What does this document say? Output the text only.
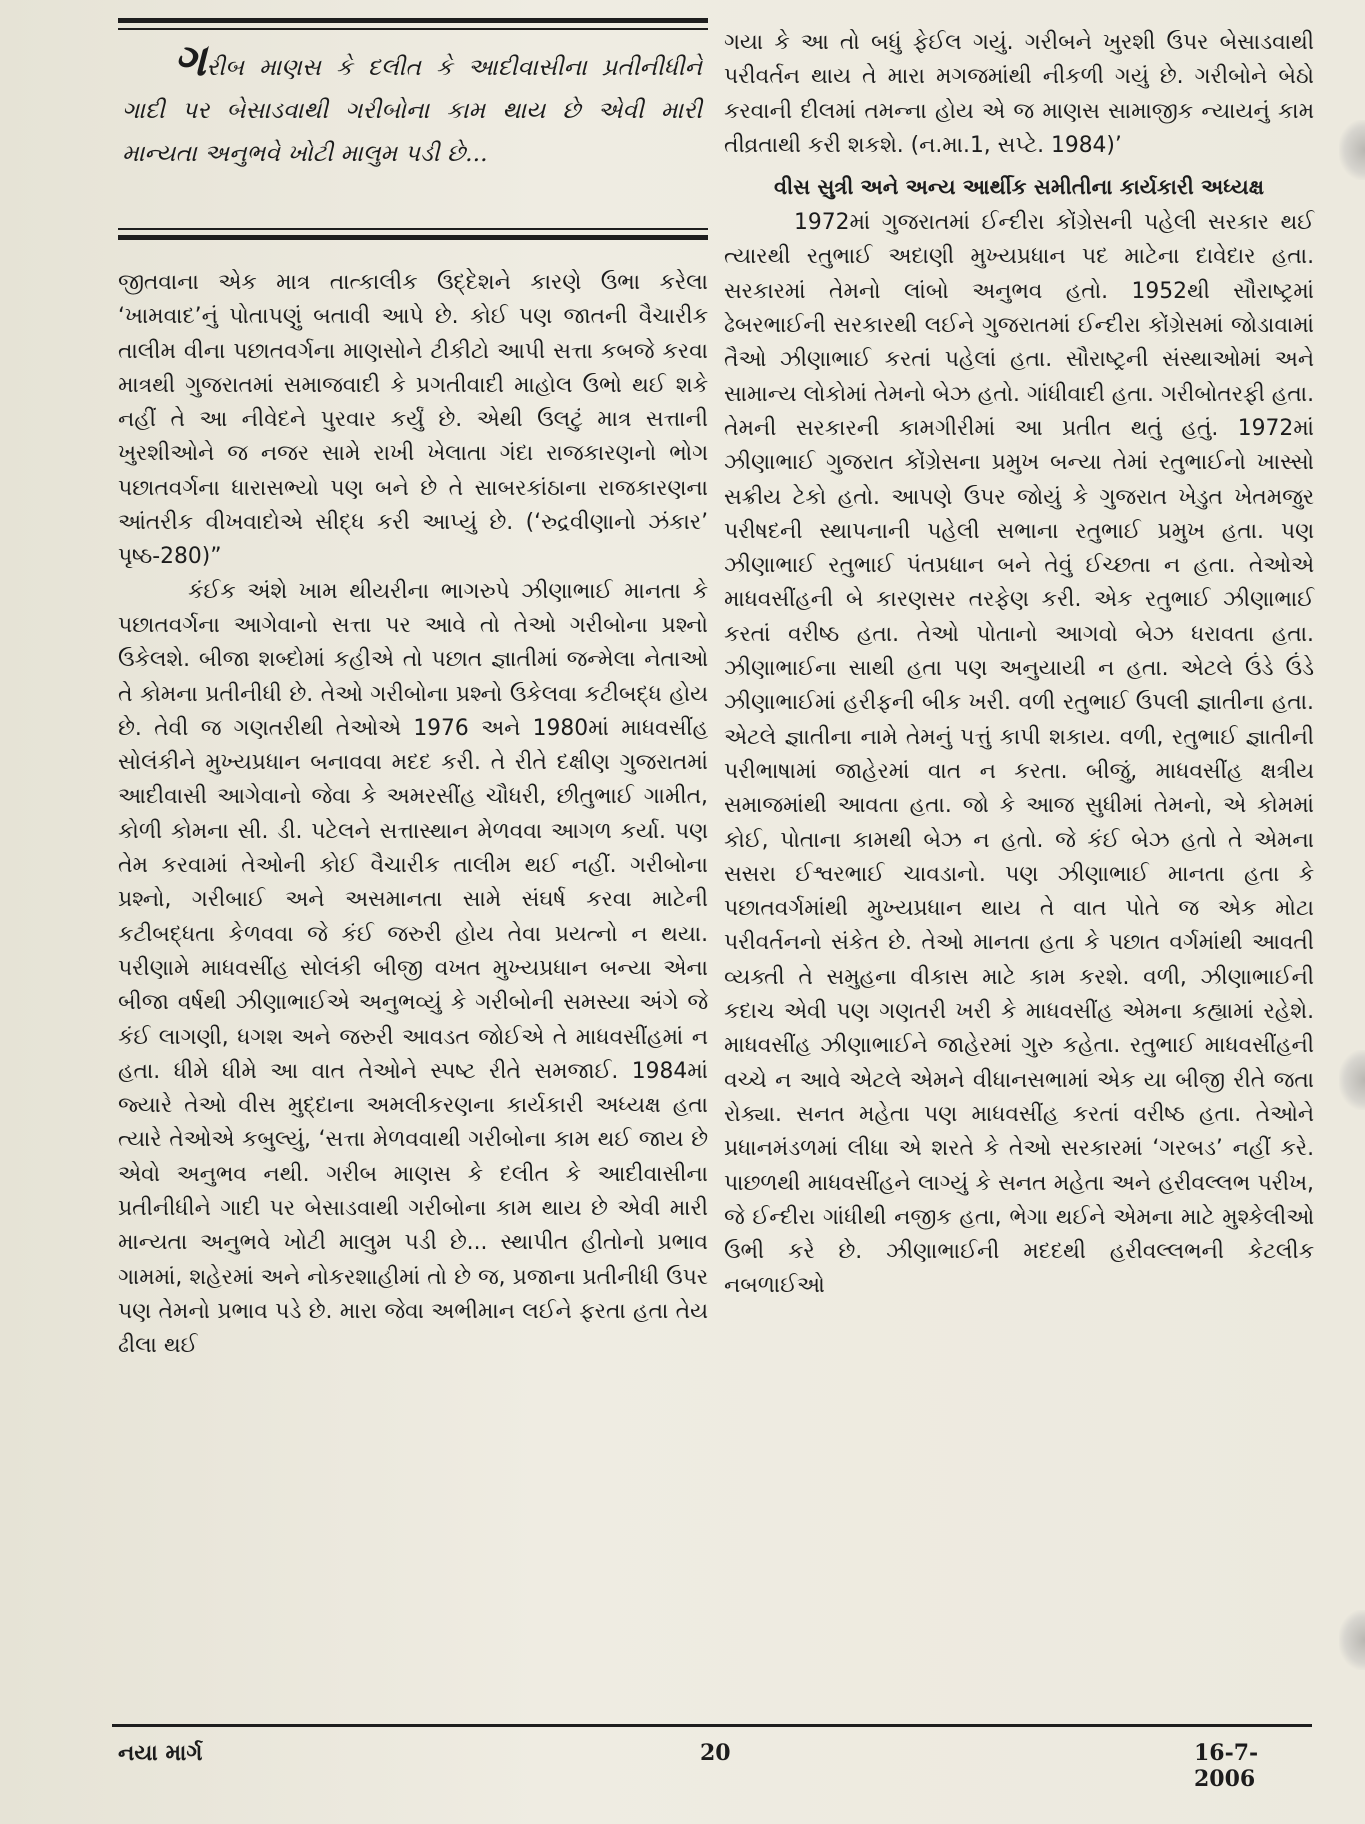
ગરીબ માણસ કે દલીત કે આદીવાસીના પ્રતીનીધીને ગાદી પર બેસાડવાથી ગરીબોના કામ થાય છે એવી મારી માન્યતા અનુભવે ખોટી માલુમ પડી છે...

જીતવાના એક માત્ર તાત્કાલીક ઉદ્દેશને કારણે ઉભા કરેલા ‘ખામવાદ’નું પોતાપણું બતાવી આપે છે. કોઈ પણ જાતની વૈચારીક તાલીમ વીના પછાતવર્ગના માણસોને ટીકીટો આપી સત્તા કબજે કરવા માત્રથી ગુજરાતમાં સમાજવાદી કે પ્રગતીવાદી માહોલ ઉભો થઈ શકે નહીં તે આ નીવેદને પુરવાર કર્યું છે. એથી ઉલટું માત્ર સત્તાની ખુરશીઓને જ નજર સામે રાખી ખેલાતા ગંદા રાજકારણનો ભોગ પછાતવર્ગના ધારાસભ્યો પણ બને છે તે સાબરકાંઠાના રાજકારણના આંતરીક વીખવાદોએ સીદ્ધ કરી આપ્યું છે. (‘રુદ્રવીણાનો ઝંકાર’ પૃષ્ઠ-280)”

કંઈક અંશે ખામ થીયરીના ભાગરુપે ઝીણાભાઈ માનતા કે પછાતવર્ગના આગેવાનો સત્તા પર આવે તો તેઓ ગરીબોના પ્રશ્નો ઉકેલશે. બીજા શબ્દોમાં કહીએ તો પછાત જ્ઞાતીમાં જન્મેલા નેતાઓ તે કોમના પ્રતીનીધી છે. તેઓ ગરીબોના પ્રશ્નો ઉકેલવા કટીબદ્ધ હોય છે. તેવી જ ગણતરીથી તેઓએ 1976 અને 1980માં માધવસીંહ સોલંકીને મુખ્યપ્રધાન બનાવવા મદદ કરી. તે રીતે દક્ષીણ ગુજરાતમાં આદીવાસી આગેવાનો જેવા કે અમરસીંહ ચૌધરી, છીતુભાઈ ગામીત, કોળી કોમના સી. ડી. પટેલને સત્તાસ્થાન મેળવવા આગળ કર્યા. પણ તેમ કરવામાં તેઓની કોઈ વૈચારીક તાલીમ થઈ નહીં. ગરીબોના પ્રશ્નો, ગરીબાઈ અને અસમાનતા સામે સંઘર્ષ કરવા માટેની કટીબદ્ધતા કેળવવા જે કંઈ જરુરી હોય તેવા પ્રયત્નો ન થયા. પરીણામે માધવસીંહ સોલંકી બીજી વખત મુખ્યપ્રધાન બન્યા એના બીજા વર્ષથી ઝીણાભાઈએ અનુભવ્યું કે ગરીબોની સમસ્યા અંગે જે કંઈ લાગણી, ધગશ અને જરુરી આવડત જોઈએ તે માધવસીંહમાં ન હતા. ધીમે ધીમે આ વાત તેઓને સ્પષ્ટ રીતે સમજાઈ. 1984માં જ્યારે તેઓ વીસ મુદ્દાના અમલીકરણના કાર્યકારી અધ્યક્ષ હતા ત્યારે તેઓએ કબુલ્યું, ‘સત્તા મેળવવાથી ગરીબોના કામ થઈ જાય છે એવો અનુભવ નથી. ગરીબ માણસ કે દલીત કે આદીવાસીના પ્રતીનીધીને ગાદી પર બેસાડવાથી ગરીબોના કામ થાય છે એવી મારી માન્યતા અનુભવે ખોટી માલુમ પડી છે... સ્થાપીત હીતોનો પ્રભાવ ગામમાં, શહેરમાં અને નોકરશાહીમાં તો છે જ, પ્રજાના પ્રતીનીધી ઉપર પણ તેમનો પ્રભાવ પડે છે. મારા જેવા અભીમાન લઈને ફરતા હતા તેય ઢીલા થઈ

ગયા કે આ તો બધું ફેઈલ ગયું. ગરીબને ખુરશી ઉપર બેસાડવાથી પરીવર્તન થાય તે મારા મગજમાંથી નીકળી ગયું છે. ગરીબોને બેઠો કરવાની દીલમાં તમન્ના હોય એ જ માણસ સામાજીક ન્યાયનું કામ તીવ્રતાથી કરી શકશે. (ન.મા.1, સપ્ટે. 1984)’

વીસ સુત્રી અને અન્ય આર્થીક સમીતીના કાર્યકારી અધ્યક્ષ

1972માં ગુજરાતમાં ઈન્દીરા કોંગ્રેસની પહેલી સરકાર થઈ ત્યારથી રતુભાઈ અદાણી મુખ્યપ્રધાન પદ માટેના દાવેદાર હતા. સરકારમાં તેમનો લાંબો અનુભવ હતો. 1952થી સૌરાષ્ટ્રમાં ઢેબરભાઈની સરકારથી લઈને ગુજરાતમાં ઈન્દીરા કોંગ્રેસમાં જોડાવામાં તૈઓ ઝીણાભાઈ કરતાં પહેલાં હતા. સૌરાષ્ટ્રની સંસ્થાઓમાં અને સામાન્ય લોકોમાં તેમનો બેઝ હતો. ગાંધીવાદી હતા. ગરીબોતરફી હતા. તેમની સરકારની કામગીરીમાં આ પ્રતીત થતું હતું. 1972માં ઝીણાભાઈ ગુજરાત કોંગ્રેસના પ્રમુખ બન્યા તેમાં રતુભાઈનો ખાસ્સો સક્રીય ટેકો હતો. આપણે ઉપર જોયું કે ગુજરાત ખેડુત ખેતમજુર પરીષદની સ્થાપનાની પહેલી સભાના રતુભાઈ પ્રમુખ હતા. પણ ઝીણાભાઈ રતુભાઈ પંતપ્રધાન બને તેવું ઈચ્છતા ન હતા. તેઓએ માધવસીંહની બે કારણસર તરફેણ કરી. એક રતુભાઈ ઝીણાભાઈ કરતાં વરીષ્ઠ હતા. તેઓ પોતાનો આગવો બેઝ ધરાવતા હતા. ઝીણાભાઈના સાથી હતા પણ અનુયાયી ન હતા. એટલે ઉંડે ઉંડે ઝીણાભાઈમાં હરીફની બીક ખરી. વળી રતુભાઈ ઉપલી જ્ઞાતીના હતા. એટલે જ્ઞાતીના નામે તેમનું પત્તું કાપી શકાય. વળી, રતુભાઈ જ્ઞાતીની પરીભાષામાં જાહેરમાં વાત ન કરતા. બીજું, માધવસીંહ ક્ષત્રીય સમાજમાંથી આવતા હતા. જો કે આજ સુધીમાં તેમનો, એ કોમમાં કોઈ, પોતાના કામથી બેઝ ન હતો. જે કંઈ બેઝ હતો તે એમના સસરા ઈશ્વરભાઈ ચાવડાનો. પણ ઝીણાભાઈ માનતા હતા કે પછાતવર્ગમાંથી મુખ્યપ્રધાન થાય તે વાત પોતે જ એક મોટા પરીવર્તનનો સંકેત છે. તેઓ માનતા હતા કે પછાત વર્ગમાંથી આવતી વ્યક્તી તે સમુહના વીકાસ માટે કામ કરશે. વળી, ઝીણાભાઈની કદાચ એવી પણ ગણતરી ખરી કે માધવસીંહ એમના કહ્યામાં રહેશે. માધવસીંહ ઝીણાભાઈને જાહેરમાં ગુરુ કહેતા. રતુભાઈ માધવસીંહની વચ્ચે ન આવે એટલે એમને વીધાનસભામાં એક યા બીજી રીતે જતા રોક્યા. સનત મહેતા પણ માધવસીંહ કરતાં વરીષ્ઠ હતા. તેઓને પ્રધાનમંડળમાં લીધા એ શરતે કે તેઓ સરકારમાં ‘ગરબડ’ નહીં કરે. પાછળથી માધવસીંહને લાગ્યું કે સનત મહેતા અને હરીવલ્લભ પરીખ, જે ઈન્દીરા ગાંધીથી નજીક હતા, ભેગા થઈને એમના માટે મુશ્કેલીઓ ઉભી કરે છે. ઝીણાભાઈની મદદથી હરીવલ્લભની કેટલીક નબળાઈઓ

નયા માર્ગ	20	16-7-2006
